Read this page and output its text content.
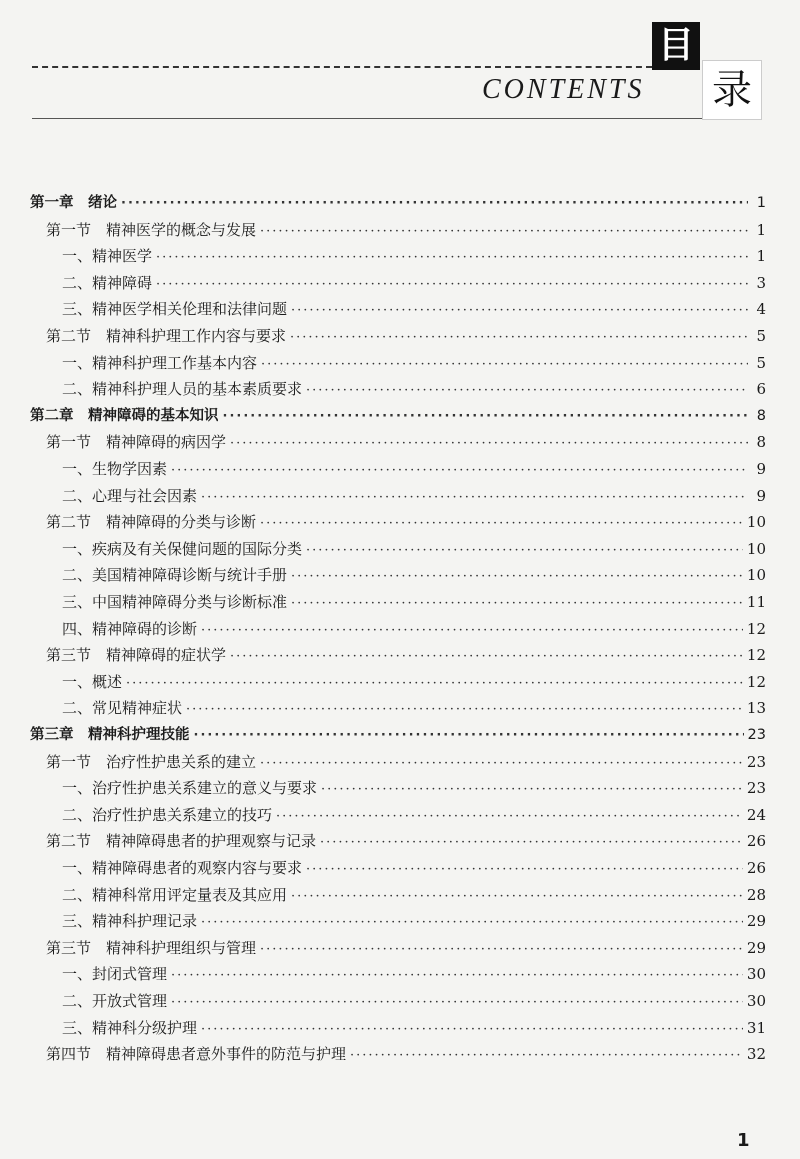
目
录
CONTENTS
第一章　绪论 ·····	1
第一节　精神医学的概念与发展 ·····	1
一、精神医学 ·····	1
二、精神障碍 ·····	3
三、精神医学相关伦理和法律问题 ·····	4
第二节　精神科护理工作内容与要求 ·····	5
一、精神科护理工作基本内容 ·····	5
二、精神科护理人员的基本素质要求 ·····	6
第二章　精神障碍的基本知识 ·····	8
第一节　精神障碍的病因学 ·····	8
一、生物学因素 ·····	9
二、心理与社会因素 ·····	9
第二节　精神障碍的分类与诊断 ·····	10
一、疾病及有关保健问题的国际分类 ·····	10
二、美国精神障碍诊断与统计手册 ·····	10
三、中国精神障碍分类与诊断标准 ·····	11
四、精神障碍的诊断 ·····	12
第三节　精神障碍的症状学 ·····	12
一、概述 ·····	12
二、常见精神症状 ·····	13
第三章　精神科护理技能 ·····	23
第一节　治疗性护患关系的建立 ·····	23
一、治疗性护患关系建立的意义与要求 ·····	23
二、治疗性护患关系建立的技巧 ·····	24
第二节　精神障碍患者的护理观察与记录 ·····	26
一、精神障碍患者的观察内容与要求 ·····	26
二、精神科常用评定量表及其应用 ·····	28
三、精神科护理记录 ·····	29
第三节　精神科护理组织与管理 ·····	29
一、封闭式管理 ·····	30
二、开放式管理 ·····	30
三、精神科分级护理 ·····	31
第四节　精神障碍患者意外事件的防范与护理 ·····	32
1
